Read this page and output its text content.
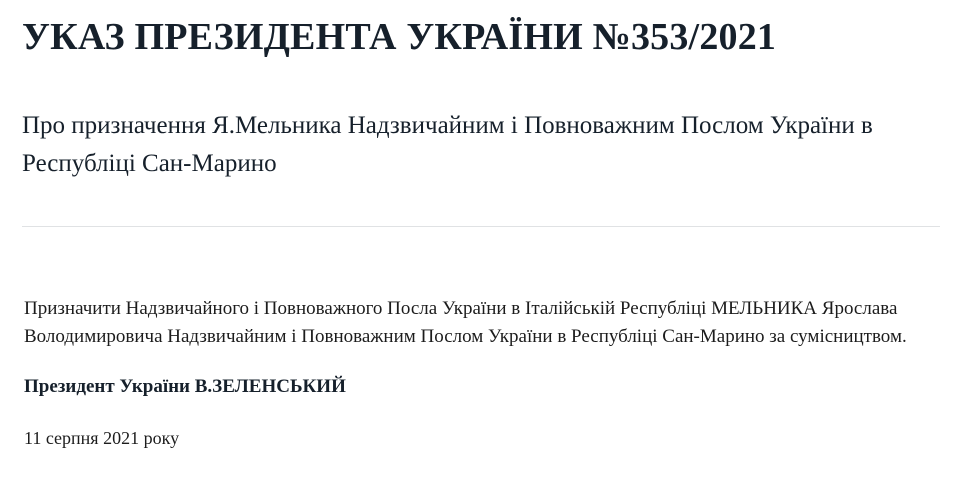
УКАЗ ПРЕЗИДЕНТА УКРАЇНИ №353/2021
Про призначення Я.Мельника Надзвичайним і Повноважним Послом України в Республіці Сан-Марино

Призначити Надзвичайного і Повноважного Посла України в Італійській Республіці МЕЛЬНИКА Ярослава Володимировича Надзвичайним і Повноважним Послом України в Республіці Сан-Марино за сумісництвом.

Президент України В.ЗЕЛЕНСЬКИЙ

11 серпня 2021 року
